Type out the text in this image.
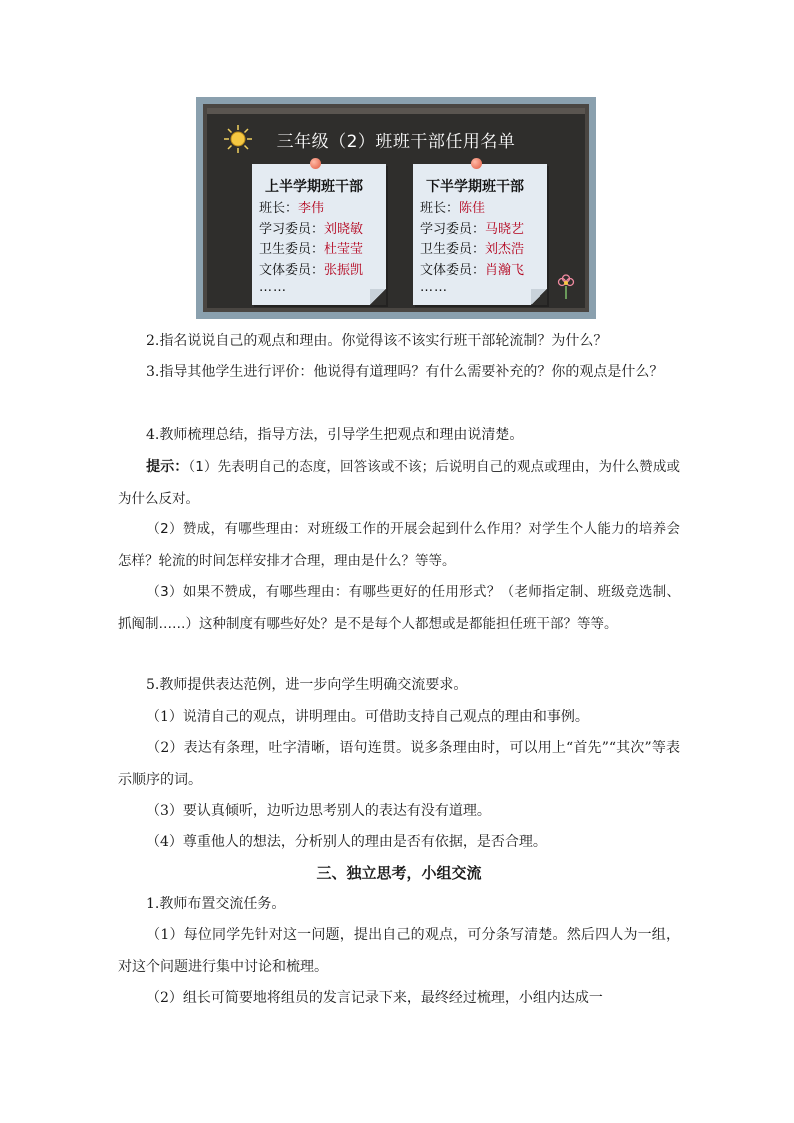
三年级（2）班班干部任用名单
上半学期班干部
班长：李伟
学习委员：刘晓敏
卫生委员：杜莹莹
文体委员：张振凯
……
下半学期班干部
班长：陈佳
学习委员：马晓艺
卫生委员：刘杰浩
文体委员：肖瀚飞
……

2.指名说说自己的观点和理由。你觉得该不该实行班干部轮流制？为什么？

3.指导其他学生进行评价：他说得有道理吗？有什么需要补充的？你的观点是什么？

4.教师梳理总结，指导方法，引导学生把观点和理由说清楚。

提示：（1）先表明自己的态度，回答该或不该；后说明自己的观点或理由，为什么赞成或为什么反对。

（2）赞成，有哪些理由：对班级工作的开展会起到什么作用？对学生个人能力的培养会怎样？轮流的时间怎样安排才合理，理由是什么？等等。

（3）如果不赞成，有哪些理由：有哪些更好的任用形式？（老师指定制、班级竞选制、抓阄制……）这种制度有哪些好处？是不是每个人都想或是都能担任班干部？等等。

5.教师提供表达范例，进一步向学生明确交流要求。

（1）说清自己的观点，讲明理由。可借助支持自己观点的理由和事例。

（2）表达有条理，吐字清晰，语句连贯。说多条理由时，可以用上“首先”“其次”等表示顺序的词。

（3）要认真倾听，边听边思考别人的表达有没有道理。

（4）尊重他人的想法，分析别人的理由是否有依据，是否合理。

三、独立思考，小组交流

1.教师布置交流任务。

（1）每位同学先针对这一问题，提出自己的观点，可分条写清楚。然后四人为一组，对这个问题进行集中讨论和梳理。

（2）组长可简要地将组员的发言记录下来，最终经过梳理，小组内达成一
